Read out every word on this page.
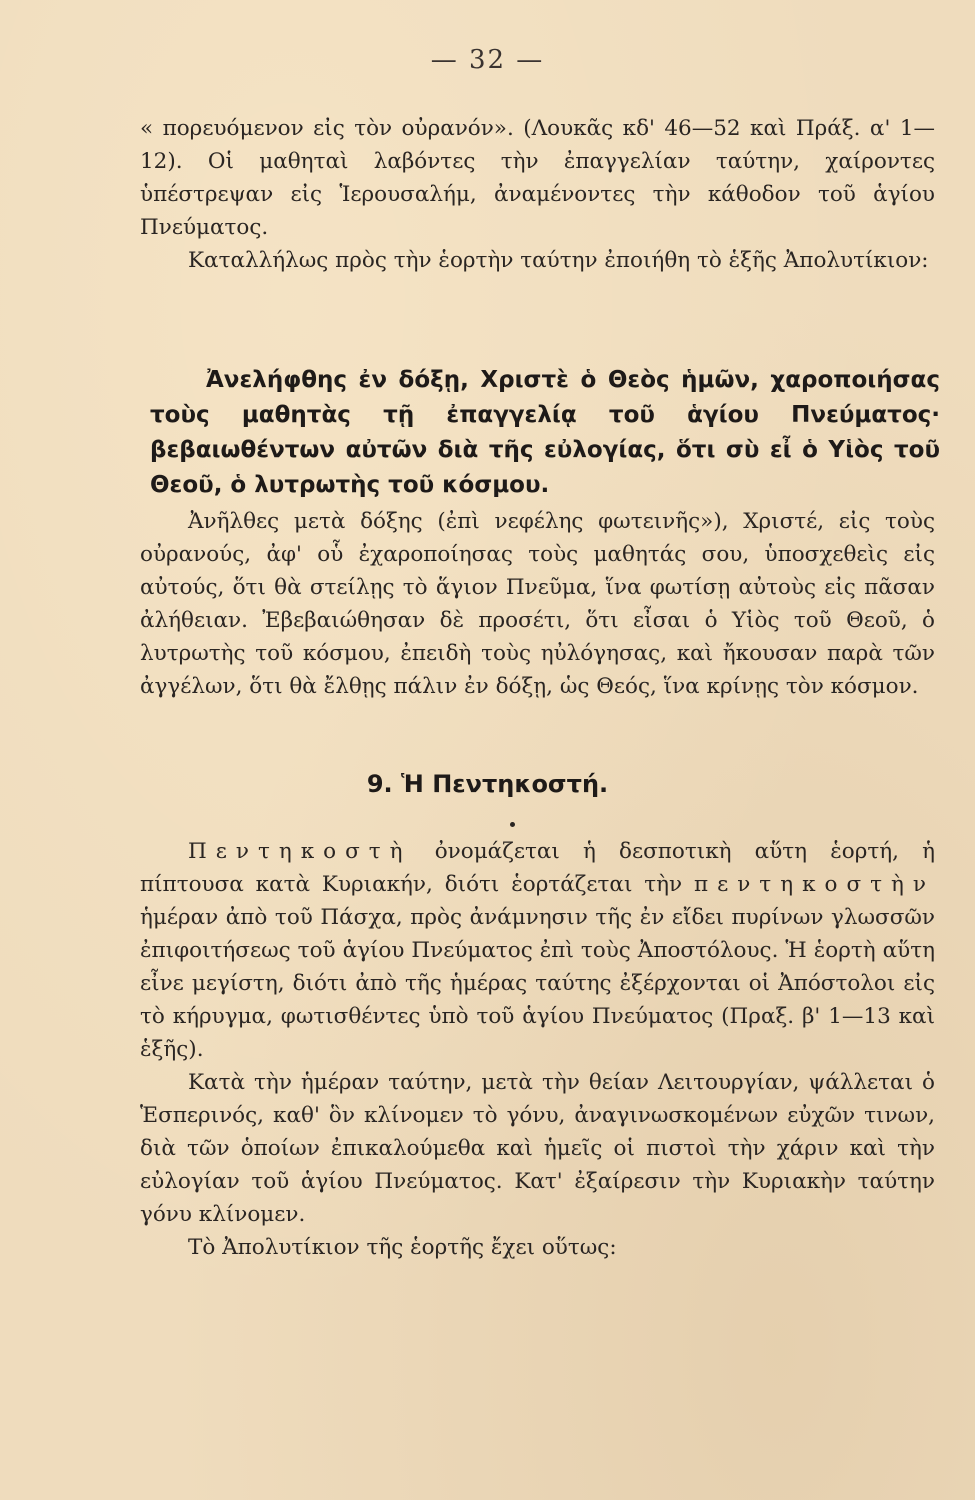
— 32 —

« πορευόμενον εἰς τὸν οὐρανόν». (Λουκᾶς κδ' 46—52 καὶ Πράξ. α' 1—12). Οἱ μαθηταὶ λαβόντες τὴν ἐπαγγελίαν ταύτην, χαίροντες ὑπέστρεψαν εἰς Ἱερουσαλήμ, ἀναμένοντες τὴν κάθοδον τοῦ ἁγίου Πνεύματος.

Καταλλήλως πρὸς τὴν ἑορτὴν ταύτην ἐποιήθη τὸ ἑξῆς Ἀπολυτίκιον:

Ἀνελήφθης ἐν δόξῃ, Χριστὲ ὁ Θεὸς ἡμῶν, χαροποιήσας τοὺς μαθητὰς τῇ ἐπαγγελίᾳ τοῦ ἁγίου Πνεύματος· βεβαιωθέντων αὐτῶν διὰ τῆς εὐλογίας, ὅτι σὺ εἶ ὁ Υἱὸς τοῦ Θεοῦ, ὁ λυτρωτὴς τοῦ κόσμου.

Ἀνῆλθες μετὰ δόξης (ἐπὶ νεφέλης φωτεινῆς»), Χριστέ, εἰς τοὺς οὐρανούς, ἀφ' οὗ ἐχαροποίησας τοὺς μαθητάς σου, ὑποσχεθεὶς εἰς αὐτούς, ὅτι θὰ στείλῃς τὸ ἅγιον Πνεῦμα, ἵνα φωτίσῃ αὐτοὺς εἰς πᾶσαν ἀλήθειαν. Ἐβεβαιώθησαν δὲ προσέτι, ὅτι εἶσαι ὁ Υἱὸς τοῦ Θεοῦ, ὁ λυτρωτὴς τοῦ κόσμου, ἐπειδὴ τοὺς ηὐλόγησας, καὶ ἤκουσαν παρὰ τῶν ἀγγέλων, ὅτι θὰ ἔλθῃς πάλιν ἐν δόξῃ, ὡς Θεός, ἵνα κρίνῃς τὸν κόσμον.

9. Ἡ Πεντηκοστή.

Πεντηκοστὴ ὀνομάζεται ἡ δεσποτικὴ αὕτη ἑορτή, ἡ πίπτουσα κατὰ Κυριακήν, διότι ἑορτάζεται τὴν πεντηκοστὴν ἡμέραν ἀπὸ τοῦ Πάσχα, πρὸς ἀνάμνησιν τῆς ἐν εἴδει πυρίνων γλωσσῶν ἐπιφοιτήσεως τοῦ ἁγίου Πνεύματος ἐπὶ τοὺς Ἀποστόλους. Ἡ ἑορτὴ αὕτη εἶνε μεγίστη, διότι ἀπὸ τῆς ἡμέρας ταύτης ἐξέρχονται οἱ Ἀπόστολοι εἰς τὸ κήρυγμα, φωτισθέντες ὑπὸ τοῦ ἁγίου Πνεύματος (Πραξ. β' 1—13 καὶ ἑξῆς).

Κατὰ τὴν ἡμέραν ταύτην, μετὰ τὴν θείαν Λειτουργίαν, ψάλλεται ὁ Ἑσπερινός, καθ' ὃν κλίνομεν τὸ γόνυ, ἀναγινωσκομένων εὐχῶν τινων, διὰ τῶν ὁποίων ἐπικαλούμεθα καὶ ἡμεῖς οἱ πιστοὶ τὴν χάριν καὶ τὴν εὐλογίαν τοῦ ἁγίου Πνεύματος. Κατ' ἐξαίρεσιν τὴν Κυριακὴν ταύτην γόνυ κλίνομεν.

Τὸ Ἀπολυτίκιον τῆς ἑορτῆς ἔχει οὕτως:
